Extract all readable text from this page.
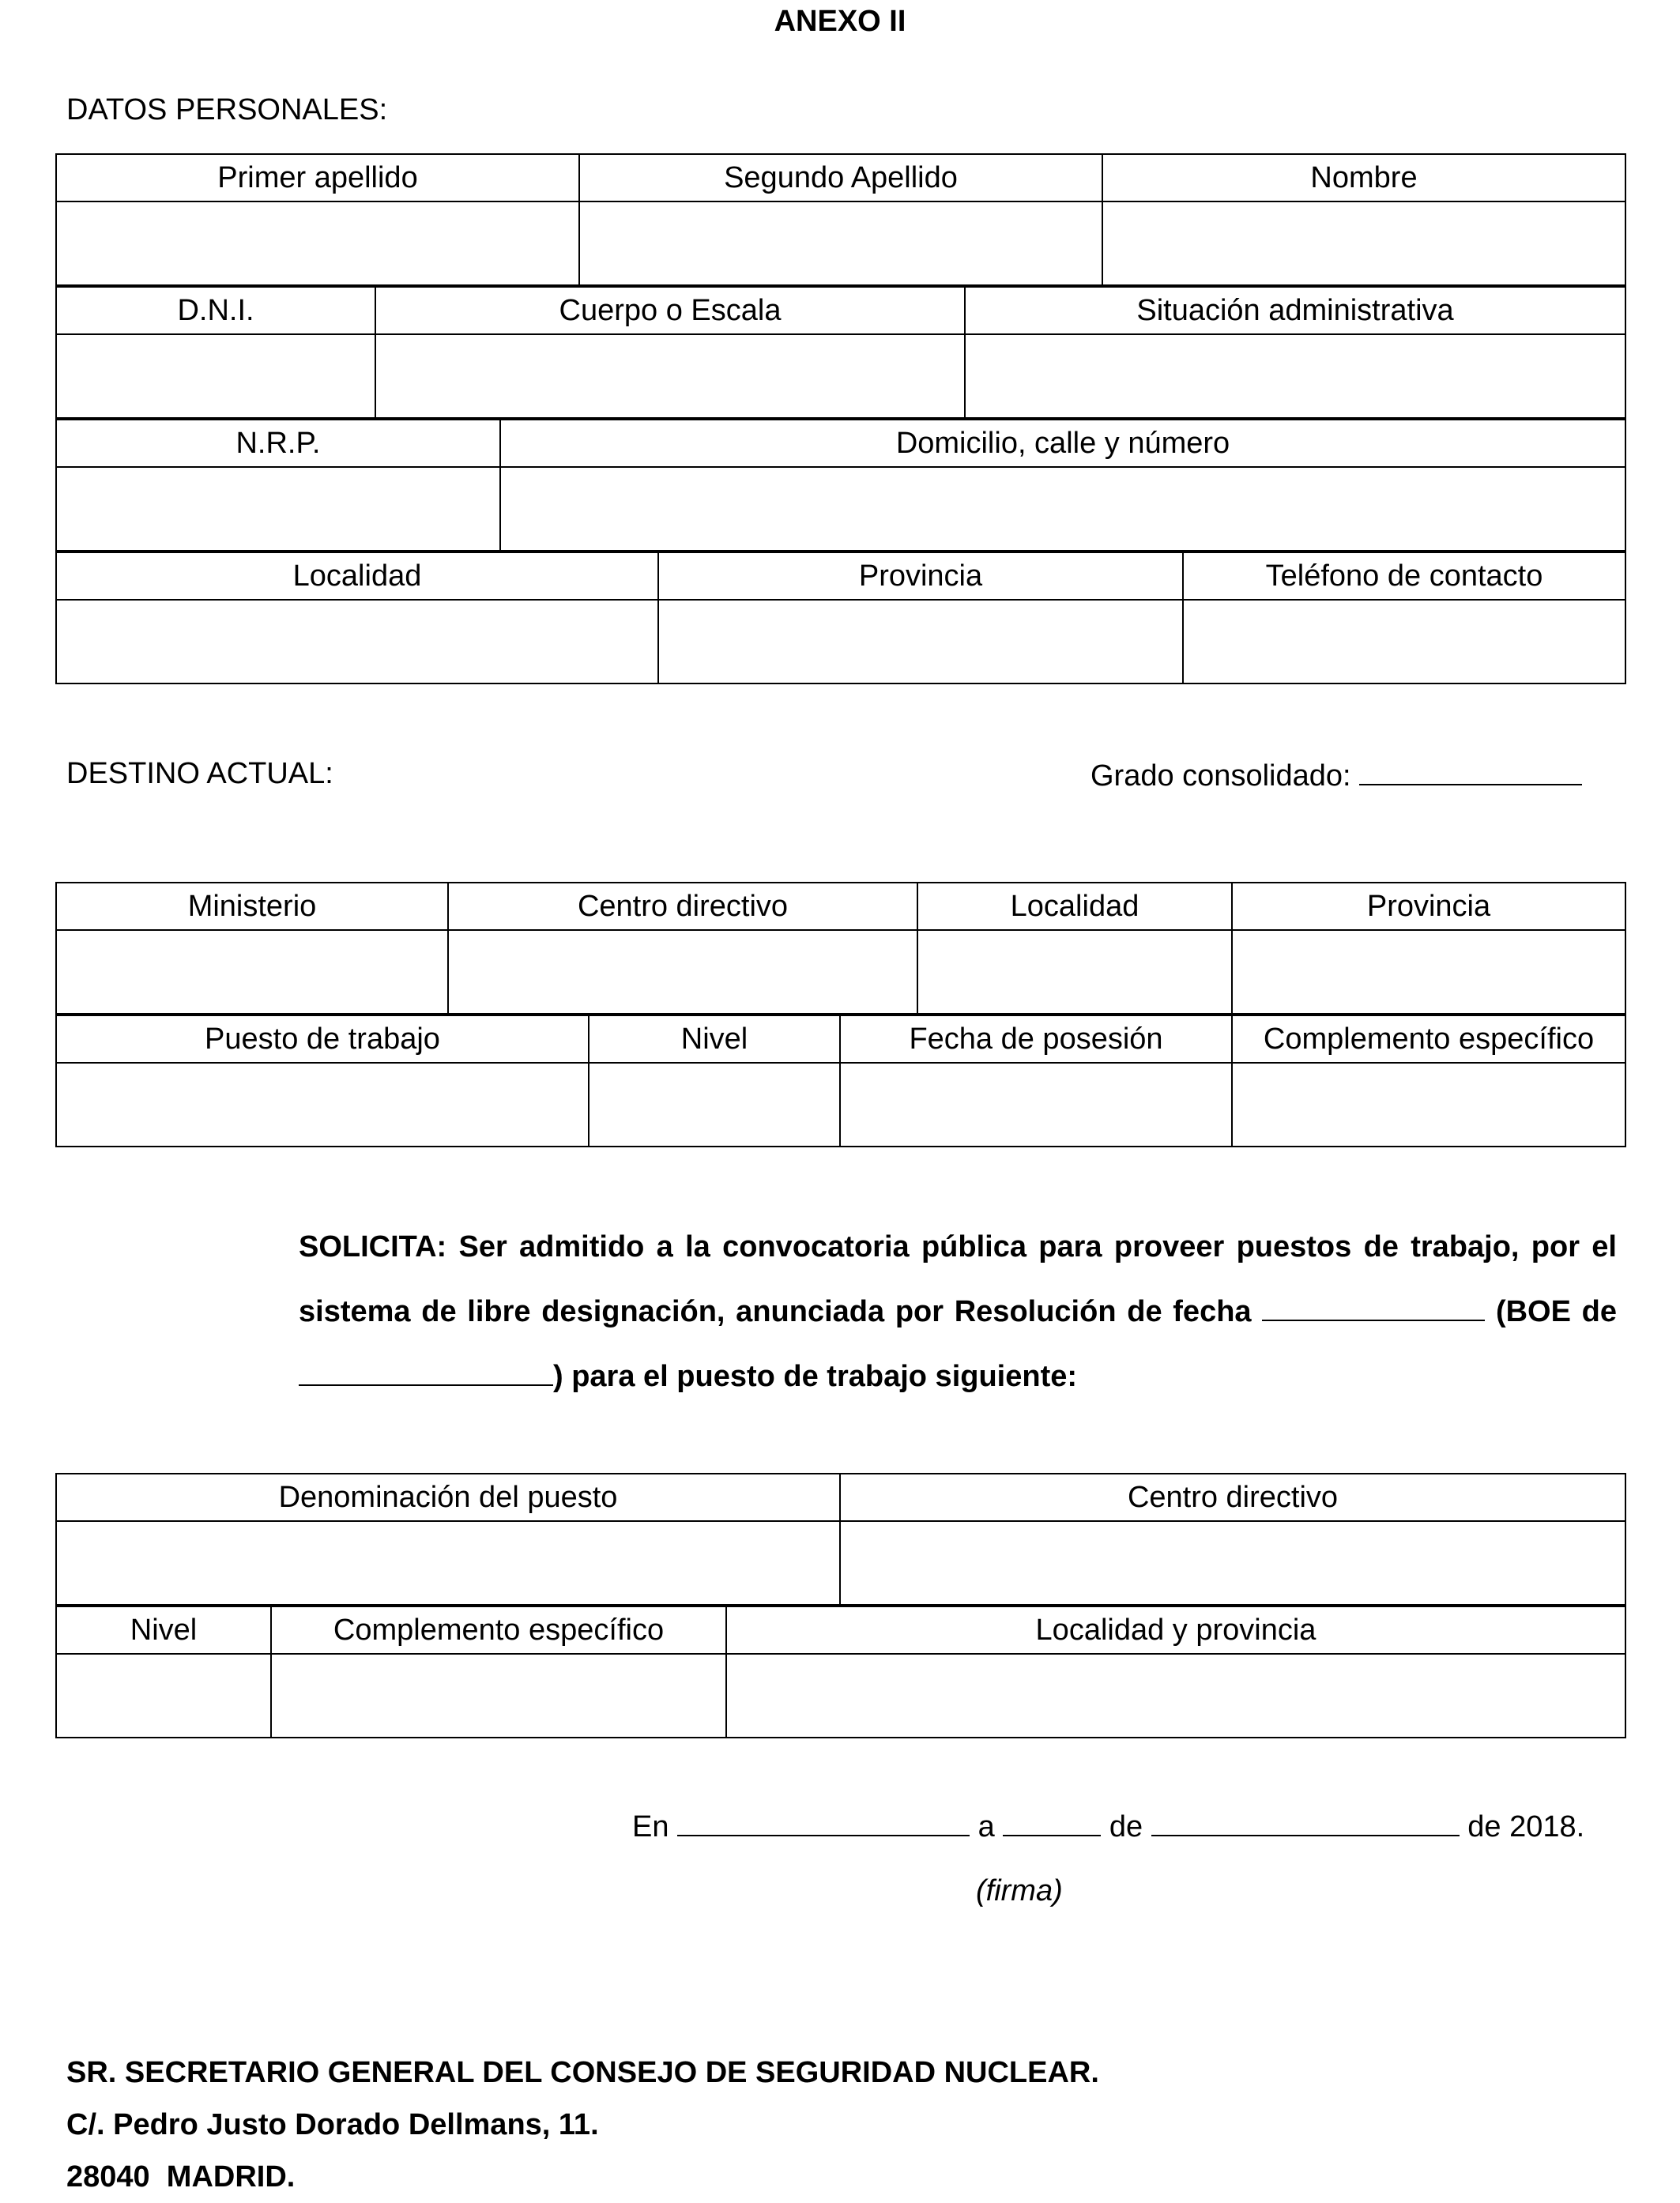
ANEXO II
DATOS PERSONALES:
Primer apellido	Segundo Apellido	Nombre

D.N.I.	Cuerpo o Escala	Situación administrativa

N.R.P.	Domicilio, calle y número

Localidad	Provincia	Teléfono de contacto

DESTINO ACTUAL:	Grado consolidado:
Ministerio	Centro directivo	Localidad	Provincia

Puesto de trabajo	Nivel	Fecha de posesión	Complemento específico

SOLICITA: Ser admitido a la convocatoria pública para proveer puestos de trabajo, por el sistema de libre designación, anunciada por Resolución de fecha	(BOE de ) para el puesto de trabajo siguiente:
Denominación del puesto	Centro directivo

Nivel	Complemento específico	Localidad y provincia

En	a	de	de 2018.
(firma)
SR. SECRETARIO GENERAL DEL CONSEJO DE SEGURIDAD NUCLEAR.
C/. Pedro Justo Dorado Dellmans, 11.
28040  MADRID.
